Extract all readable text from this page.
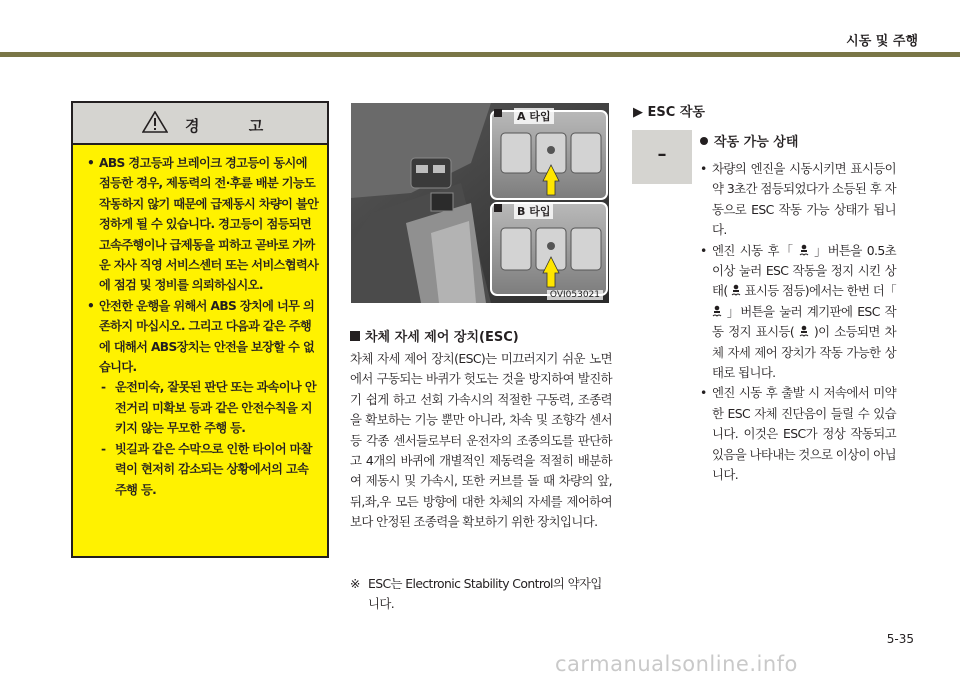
시동 및 주행
경 고
• ABS 경고등과 브레이크 경고등이 동시에 점등한 경우, 제동력의 전·후륜 배분 기능도 작동하지 않기 때문에 급제동시 차량이 불안정하게 될 수 있습니다. 경고등이 점등되면 고속주행이나 급제동을 피하고 곧바로 가까운 자사 직영 서비스센터 또는 서비스협력사에 점검 및 정비를 의뢰하십시오.
• 안전한 운행을 위해서 ABS 장치에 너무 의존하지 마십시오. 그리고 다음과 같은 주행에 대해서 ABS장치는 안전을 보장할 수 없습니다.
- 운전미숙, 잘못된 판단 또는 과속이나 안전거리 미확보 등과 같은 안전수칙을 지키지 않는 무모한 주행 등.
- 빗길과 같은 수막으로 인한 타이어 마찰력이 현저히 감소되는 상황에서의 고속주행 등.
A 타입
B 타입
OVI053021
차체 자세 제어 장치(ESC)
차체 자세 제어 장치(ESC)는 미끄러지기 쉬운 노면에서 구동되는 바퀴가 헛도는 것을 방지하여 발진하기 쉽게 하고 선회 가속시의 적절한 구동력, 조종력을 확보하는 기능 뿐만 아니라, 차속 및 조향각 센서등 각종 센서들로부터 운전자의 조종의도를 판단하고 4개의 바퀴에 개별적인 제동력을 적절히 배분하여 제동시 및 가속시, 또한 커브를 돌 때 차량의 앞,뒤,좌,우 모든 방향에 대한 차체의 자세를 제어하여 보다 안정된 조종력을 확보하기 위한 장치입니다.
※ ESC는 Electronic Stability Control의 약자입니다.
▶ ESC 작동
–
작동 가능 상태
• 차량의 엔진을 시동시키면 표시등이 약 3초간 점등되었다가 소등된 후 자동으로 ESC 작동 가능 상태가 됩니다.
• 엔진 시동 후「 」버튼을 0.5초 이상 눌러 ESC 작동을 정지 시킨 상태(  표시등 점등)에서는 한번 더「  」버튼을 눌러 계기판에 ESC 작동 정지 표시등( )이 소등되면 차체 자세 제어 장치가 작동 가능한 상태로 됩니다.
• 엔진 시동 후 출발 시 저속에서 미약한 ESC 자체 진단음이 들릴 수 있습니다. 이것은 ESC가 정상 작동되고 있음을 나타내는 것으로 이상이 아닙니다.
5-35
carmanualsonline.info
